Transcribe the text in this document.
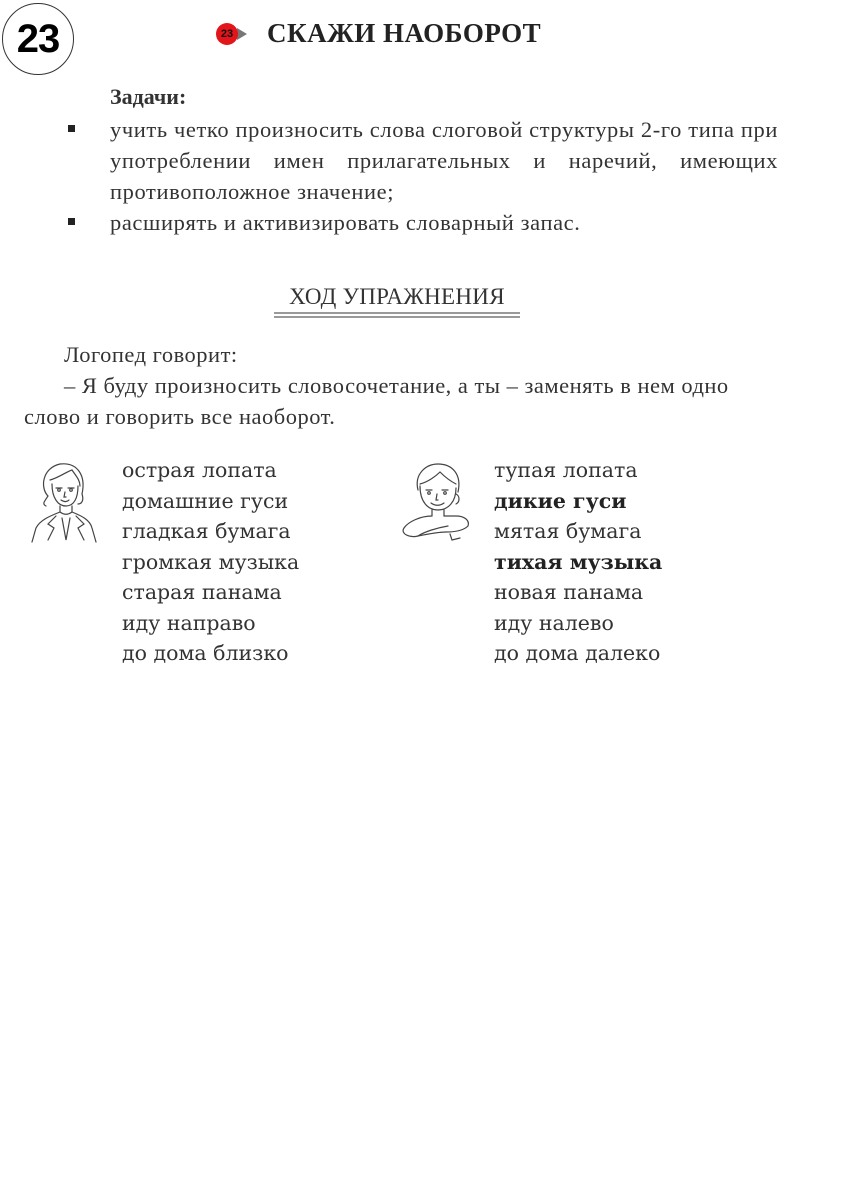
23	23 СКАЖИ НАОБОРОТ
Задачи:
учить четко произносить слова слоговой структуры 2-го типа при употреблении имен прилагательных и наречий, имеющих противоположное значение;
расширять и активизировать словарный запас.
ХОД УПРАЖНЕНИЯ
Логопед говорит:
– Я буду произносить словосочетание, а ты – заменять в нем одно слово и говорить все наоборот.
острая лопата
домашние гуси
гладкая бумага
громкая музыка
старая панама
иду направо
до дома близко
тупая лопата
дикие гуси
мятая бумага
тихая музыка
новая панама
иду налево
до дома далеко
